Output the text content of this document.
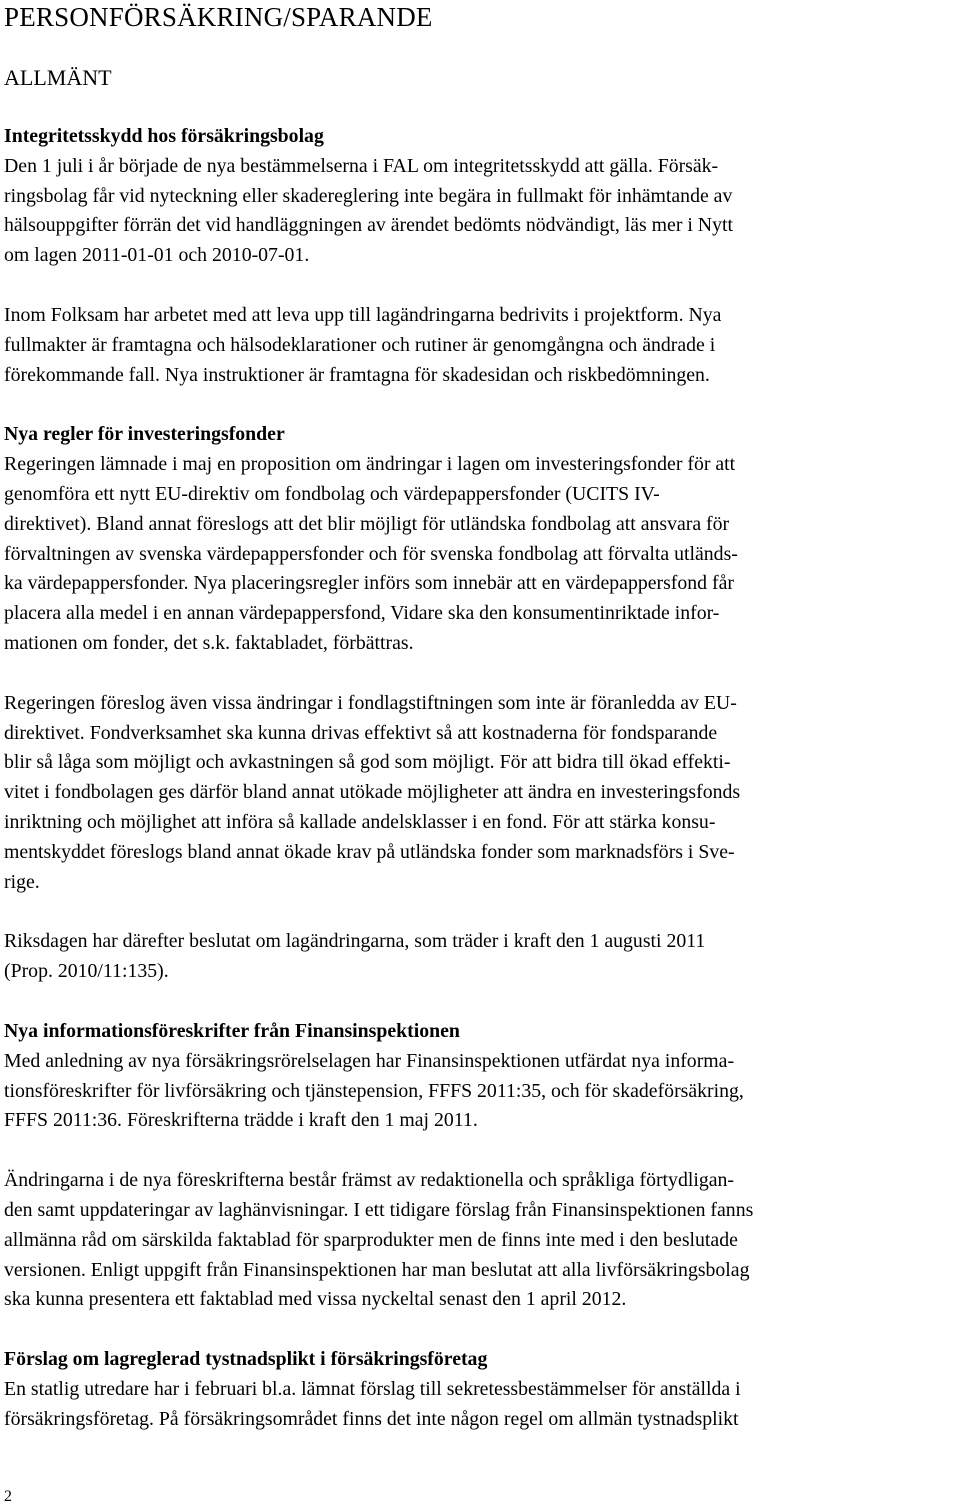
PERSONFÖRSÄKRING/SPARANDE
ALLMÄNT
Integritetsskydd hos försäkringsbolag
Den 1 juli i år började de nya bestämmelserna i FAL om integritetsskydd att gälla. Försäk-
ringsbolag får vid nyteckning eller skadereglering inte begära in fullmakt för inhämtande av
hälsouppgifter förrän det vid handläggningen av ärendet bedömts nödvändigt, läs mer i Nytt
om lagen 2011-01-01 och 2010-07-01.
Inom Folksam har arbetet med att leva upp till lagändringarna bedrivits i projektform. Nya
fullmakter är framtagna och hälsodeklarationer och rutiner är genomgångna och ändrade i
förekommande fall. Nya instruktioner är framtagna för skadesidan och riskbedömningen.
Nya regler för investeringsfonder
Regeringen lämnade i maj en proposition om ändringar i lagen om investeringsfonder för att
genomföra ett nytt EU-direktiv om fondbolag och värdepappersfonder (UCITS IV-
direktivet). Bland annat föreslogs att det blir möjligt för utländska fondbolag att ansvara för
förvaltningen av svenska värdepappersfonder och för svenska fondbolag att förvalta utländs-
ka värdepappersfonder. Nya placeringsregler införs som innebär att en värdepappersfond får
placera alla medel i en annan värdepappersfond, Vidare ska den konsumentinriktade infor-
mationen om fonder, det s.k. faktabladet, förbättras.
Regeringen föreslog även vissa ändringar i fondlagstiftningen som inte är föranledda av EU-
direktivet. Fondverksamhet ska kunna drivas effektivt så att kostnaderna för fondsparande
blir så låga som möjligt och avkastningen så god som möjligt. För att bidra till ökad effekti-
vitet i fondbolagen ges därför bland annat utökade möjligheter att ändra en investeringsfonds
inriktning och möjlighet att införa så kallade andelsklasser i en fond. För att stärka konsu-
mentskyddet föreslogs bland annat ökade krav på utländska fonder som marknadsförs i Sve-
rige.
Riksdagen har därefter beslutat om lagändringarna, som träder i kraft den 1 augusti 2011
(Prop. 2010/11:135).
Nya informationsföreskrifter från Finansinspektionen
Med anledning av nya försäkringsrörelselagen har Finansinspektionen utfärdat nya informa-
tionsföreskrifter för livförsäkring och tjänstepension, FFFS 2011:35, och för skadeförsäkring,
FFFS 2011:36. Föreskrifterna trädde i kraft den 1 maj 2011.
Ändringarna i de nya föreskrifterna består främst av redaktionella och språkliga förtydligan-
den samt uppdateringar av laghänvisningar. I ett tidigare förslag från Finansinspektionen fanns
allmänna råd om särskilda faktablad för sparprodukter men de finns inte med i den beslutade
versionen. Enligt uppgift från Finansinspektionen har man beslutat att alla livförsäkringsbolag
ska kunna presentera ett faktablad med vissa nyckeltal senast den 1 april 2012.
Förslag om lagreglerad tystnadsplikt i försäkringsföretag
En statlig utredare har i februari bl.a. lämnat förslag till sekretessbestämmelser för anställda i
försäkringsföretag. På försäkringsområdet finns det inte någon regel om allmän tystnadsplikt
2
